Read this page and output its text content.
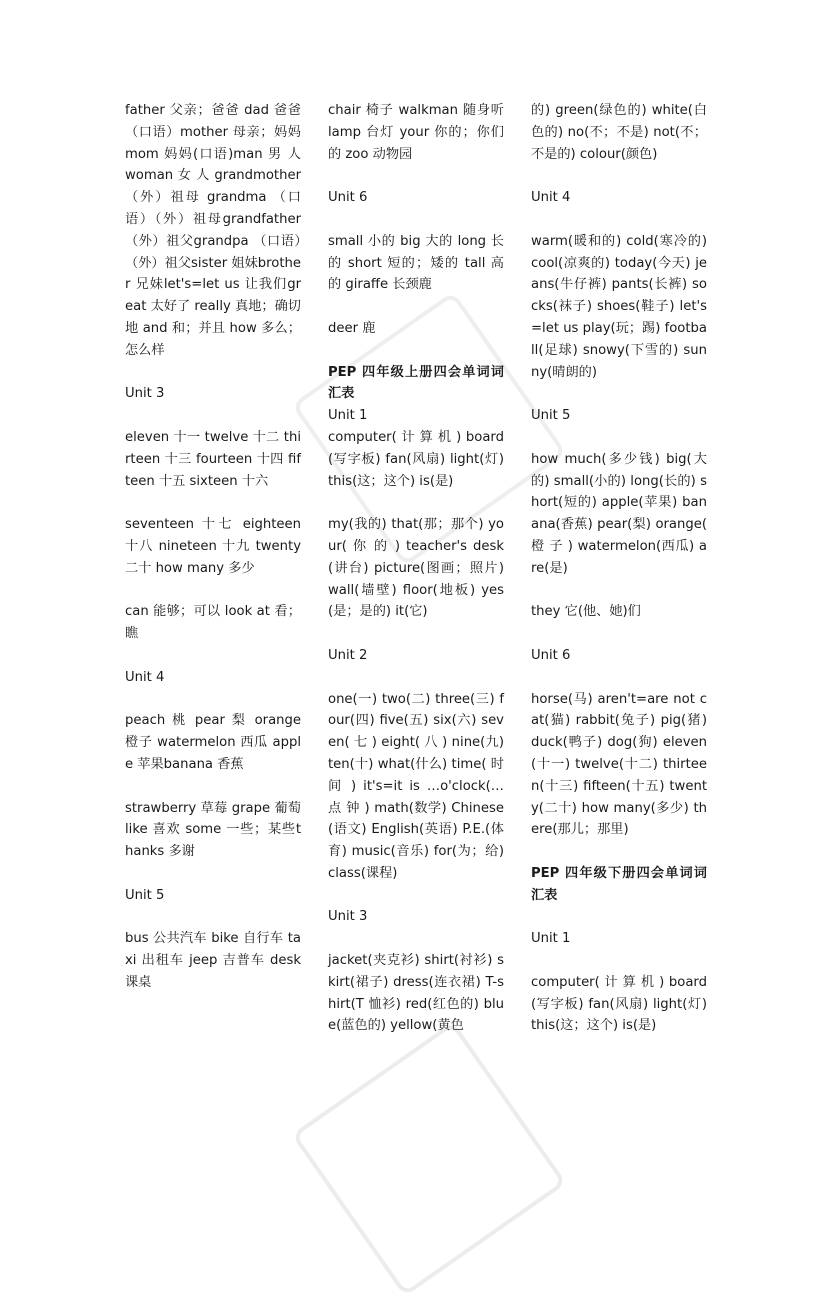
father 父亲；爸爸 dad 爸爸（口语）mother 母亲；妈妈mom 妈妈(口语)man 男 人 woman 女 人 grandmother （外）祖母 grandma （口语）（外）祖母grandfather （外）祖父grandpa （口语）（外）祖父sister 姐妹brother 兄妹let's=let us 让我们great 太好了 really 真地；确切地 and 和；并且 how 多么；怎么样

Unit 3

eleven 十一 twelve 十二 thirteen 十三 fourteen 十四 fifteen 十五 sixteen 十六

seventeen 十七 eighteen 十八 nineteen 十九 twenty 二十 how many 多少

can 能够；可以 look at 看；瞧

Unit 4

peach 桃 pear 梨 orange 橙子 watermelon 西瓜 apple 苹果banana 香蕉

strawberry 草莓 grape 葡萄 like 喜欢 some 一些；某些thanks 多谢

Unit 5

bus 公共汽车 bike 自行车 taxi 出租车 jeep 吉普车 desk 课桌

chair 椅子 walkman 随身听 lamp 台灯 your 你的；你们的 zoo 动物园

Unit 6

small 小的 big 大的 long 长的 short 短的；矮的 tall 高的 giraffe 长颈鹿

deer 鹿

PEP 四年级上册四会单词词汇表

Unit 1

computer( 计 算 机 ) board(写字板) fan(风扇) light(灯) this(这；这个) is(是)

my(我的) that(那；那个) your( 你 的 ) teacher's desk(讲台) picture(图画；照片) wall(墙壁) floor(地板) yes(是；是的) it(它)

Unit 2

one(一) two(二) three(三) four(四) five(五) six(六) seven( 七 ) eight( 八 ) nine(九) ten(十) what(什么) time( 时 间 ) it's=it is …o'clock(… 点 钟 ) math(数学) Chinese(语文) English(英语) P.E.(体育) music(音乐) for(为；给) class(课程)

Unit 3

jacket(夹克衫) shirt(衬衫) skirt(裙子) dress(连衣裙) T-shirt(T 恤衫) red(红色的) blue(蓝色的) yellow(黄色

的) green(绿色的) white(白色的) no(不；不是) not(不；不是的) colour(颜色)

Unit 4

warm(暖和的) cold(寒冷的) cool(凉爽的) today(今天) jeans(牛仔裤) pants(长裤) socks(袜子) shoes(鞋子) let's=let us play(玩；踢) football(足球) snowy(下雪的) sunny(晴朗的)

Unit 5

how much(多少钱) big(大的) small(小的) long(长的) short(短的) apple(苹果) banana(香蕉) pear(梨) orange( 橙 子 ) watermelon(西瓜) are(是)

they 它(他、她)们

Unit 6

horse(马) aren't=are not cat(猫) rabbit(兔子) pig(猪) duck(鸭子) dog(狗) eleven(十一) twelve(十二) thirteen(十三) fifteen(十五) twenty(二十) how many(多少) there(那儿；那里)

PEP 四年级下册四会单词词汇表

Unit 1

computer( 计 算 机 ) board(写字板) fan(风扇) light(灯) this(这；这个) is(是)
